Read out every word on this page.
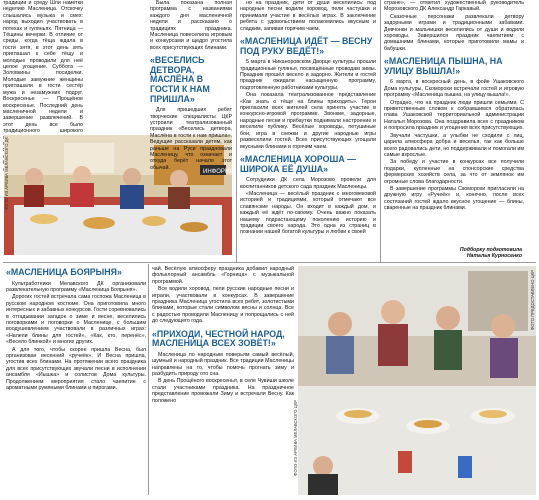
традиции и среду Шли наметки неделию Масленица. Отскочку слышались музыка и смех: народ выходил участвовать в потехах и гуляньях. Пятница — Тёщины вечерки. В отличие от среды, когда тёща ждала в гости зятя, в этот день зять приглашал к себе тёщу и молодые проводили для неё целое угощение. Суббота — Золовкины посиделки. Молодые замужние женщины приглашали в гости сестёр мужа и незамужних подруг. Воскресенье — Прощёное воскресенье. Последний день масленичной недели и завершение развлечений. В этот день все было традиционного широкого

ИНФОРМАЦ
ФОТО ИЗ АРХИВА МЕЛАВСКОГО ДК

Была показана полная программа с названиями каждого дня масленичной недели и рассказано о традициях праздника. Масленица повеселила игровым и конкурсами и щедро угостила всех присутствующих блинами.

«ВЕСЕЛИСЬ ДЕТВОРА, МАСЛЁНА В ГОСТИ К НАМ ПРИШЛА»

Для пришедших ребят творческие специалисты ЦКР устроили театрализованный праздник «Веселись детвора, Маслёна в гости к нам пришла». Ведущие рассказали детям, как раньше на Руси праздновали Масленицу, что означает и откуда берёт начало этот обычай.

но на праздник, дети от души веселились: под народные песни водили хоровод, пели частушки и принимали участие в весёлых играх. В заключение ребята с удовольствием полакомились вкусным и сладким, запивая горячим чаем.

«МАСЛЕНИЦА ИДЁТ — ВЕСНУ ПОД РУКУ ВЕДЁТ!»

5 марта в Никаноровском Дворце культуры прошли традиционные гулянья, посвящённые проводам зимы. Праздник прошёл весело и задорно. Жители и гостей праздник ожидали насыщенную программу, подготовленную работниками культуры.

Она показала театрализованное представление «Как знать о тёще на блины приходить». Герои пригласили всех жителей села принять участие в конкурсно-игровой программе. Звонкие, задорные, народные песни и прибаутки поднимали настроение и веселили публику. Весёлые хороводы, петушиные бои, игра в снежки и другие народные игры развеселили гостей. Всех присутствующих угощали вкусными блинами и горячим чаем.

«МАСЛЕНИЦА ХОРОША — ШИРОКА ЕЁ ДУША»

Сотрудники ДК села Морозово провели для воспитанников детского сада праздник Масленицы.

«Масленица — весёлый праздник с многовековой историей и традициями, который отмечают все славянские народы. Он входит в каждый дом, и каждый её ждёт по-своему. Очень важно показать нашему подрастающему поколению историю и традиции своего народа. Это одна из страниц в познании нашей богатой культуры и любви к своей

стране», — отметил художественный руководитель Морозовского ДК Александр Гаркавый.

Сказочные персонажи развлекали детвору задорными играми и традиционными забавами. Девчонки и мальчишки веселились от души и водили хороводы. Завершился праздник чаепитием с домашними блинами, которые приготовили мамы и бабушки.

«МАСЛЕНИЦА ПЫШНА, НА УЛИЦУ ВЫШЛА!»

6 марта, в воскресный день, в фойе Ушаковского Дома культуры, Скоморохи встречали гостей и игровую программу «Масленица пышна, на улицу вышла!».

Отрадно, что на праздник люди пришли семьями. С приветственным словом к собравшимся обратилась глава Ушаковской территориальной администрации Наталья Морозова. Она поздравила всех с праздником и попросила праздник и угощения всех присутствующих.

Звучали частушки, а улыбки не сходили с лиц, царила атмосфера добра и веселья, так как больше всего радовались дети, но поддерживали и помогали им самые взрослые.

За победу и участие в конкурсах все получили подарки, купленные на спонсорские средства фермерских хозяйств села, за что от землянок им огромные слова благодарности.

В завершение программы Скоморохи пригласили на дружную игру «Ручеёк» и, конечно, после всех состязаний гостей ждало вкусное угощение — блины, сваренные на праздник блинами.

Подборку подготовила
Наталья Курносенко
«МАСЛЕНИЦА БОЯРЫНЯ»

Культработники Мелавского ДК организовали развлекательную программу «Масленица Боярыня».

Дорогих гостей встречала сама госпожа Масленица в русском народном костюме. Она приготовила много интересных и забавных конкурсов. Гости соревновались в отгадывании загадок о зиме и весне, веселились поговорками и поговорки о Масленице, с большим воодушевлением участвовали в различных играх: «Налепи блины для гостей», «Как, кто, перенёс», «Весело блинкой» и многих других.

А для того, чтобы скорее пришла Весна, был организован весенний «ручеёк». И Весна пришла, угостив всех блинами. На протяжении всего праздника для всех присутствующих звучали песни в исполнении ансамбля «Иышка» и солистов Дома культуры. Продолжением мероприятия стало чаепитие с ароматными румяными блинами и пирогами.

чай. Весёлую атмосферу праздника добавил народный фольклорный ансамбль «Горница» с музыкальной программой.

Все водили хоровод, пели русские народные песни и играли, участвовали в конкурсах. В завершение праздника Масленица угостила всех ребят, золотистыми блинами, которые стали символом весны и солнца. Все с радостью проводили Масленицу и попрощались с ней до следующего года.

«ПРИХОДИ, ЧЕСТНОЙ НАРОД, МАСЛЕНИЦА ВСЕХ ЗОВЁТ!»

Масленица по народным поверьям самый весёлый, шумный и народный праздник. Все традиции Масленицы направлены на то, чтобы помочь прогнать зиму и разбудить природу ото сна.

В день Прощёного воскресенья, в селе Чувиши школе стали участниками праздника. На праздничное представление провожали Зиму и встречали Весну. Как положено

ФОТО ПРЕДОСТАВЛЕНО ЦКР
ФОТО ИЗ АРХИВА МЕЛАВСКОГО ЦКР
